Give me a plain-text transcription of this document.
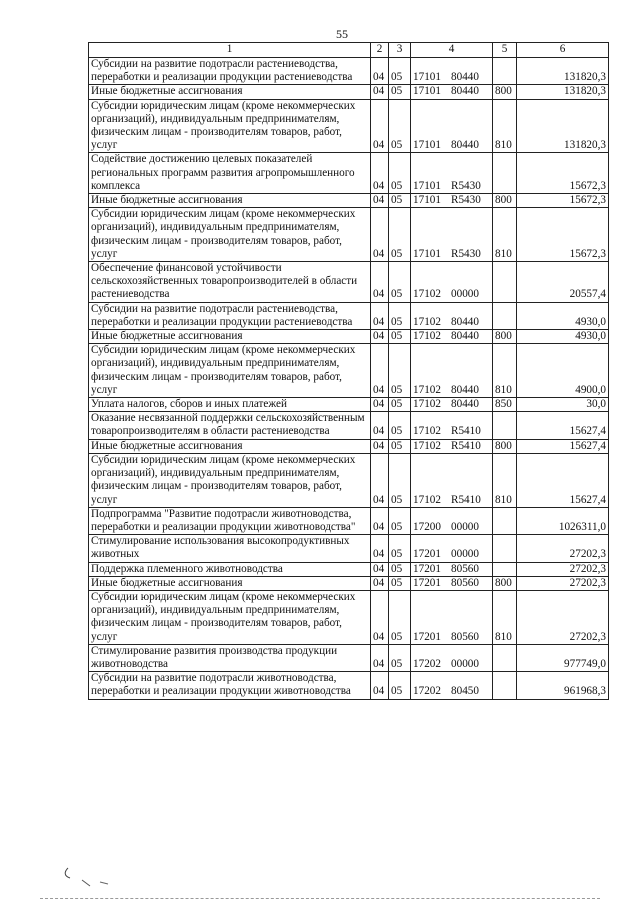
55
1	2	3	4	5	6
Субсидии на развитие подотрасли растениеводства, переработки и реализации продукции растениеводства	04	05	17101 80440		131820,3
Иные бюджетные ассигнования	04	05	17101 80440	800	131820,3
Субсидии юридическим лицам (кроме некоммерческих организаций), индивидуальным предпринимателям, физическим лицам - производителям товаров, работ, услуг	04	05	17101 80440	810	131820,3
Содействие достижению целевых показателей региональных программ развития агропромышленного комплекса	04	05	17101 R5430		15672,3
Иные бюджетные ассигнования	04	05	17101 R5430	800	15672,3
Субсидии юридическим лицам (кроме некоммерческих организаций), индивидуальным предпринимателям, физическим лицам - производителям товаров, работ, услуг	04	05	17101 R5430	810	15672,3
Обеспечение финансовой устойчивости сельскохозяйственных товаропроизводителей в области растениеводства	04	05	17102 00000		20557,4
Субсидии на развитие подотрасли растениеводства, переработки и реализации продукции растениеводства	04	05	17102 80440		4930,0
Иные бюджетные ассигнования	04	05	17102 80440	800	4930,0
Субсидии юридическим лицам (кроме некоммерческих организаций), индивидуальным предпринимателям, физическим лицам - производителям товаров, работ, услуг	04	05	17102 80440	810	4900,0
Уплата налогов, сборов и иных платежей	04	05	17102 80440	850	30,0
Оказание несвязанной поддержки сельскохозяйственным товаропроизводителям в области растениеводства	04	05	17102 R5410		15627,4
Иные бюджетные ассигнования	04	05	17102 R5410	800	15627,4
Субсидии юридическим лицам (кроме некоммерческих организаций), индивидуальным предпринимателям, физическим лицам - производителям товаров, работ, услуг	04	05	17102 R5410	810	15627,4
Подпрограмма "Развитие подотрасли животноводства, переработки и реализации продукции животноводства"	04	05	17200 00000		1026311,0
Стимулирование использования высокопродуктивных животных	04	05	17201 00000		27202,3
Поддержка племенного животноводства	04	05	17201 80560		27202,3
Иные бюджетные ассигнования	04	05	17201 80560	800	27202,3
Субсидии юридическим лицам (кроме некоммерческих организаций), индивидуальным предпринимателям, физическим лицам - производителям товаров, работ, услуг	04	05	17201 80560	810	27202,3
Стимулирование развития производства продукции животноводства	04	05	17202 00000		977749,0
Субсидии на развитие подотрасли животноводства, переработки и реализации продукции животноводства	04	05	17202 80450		961968,3
